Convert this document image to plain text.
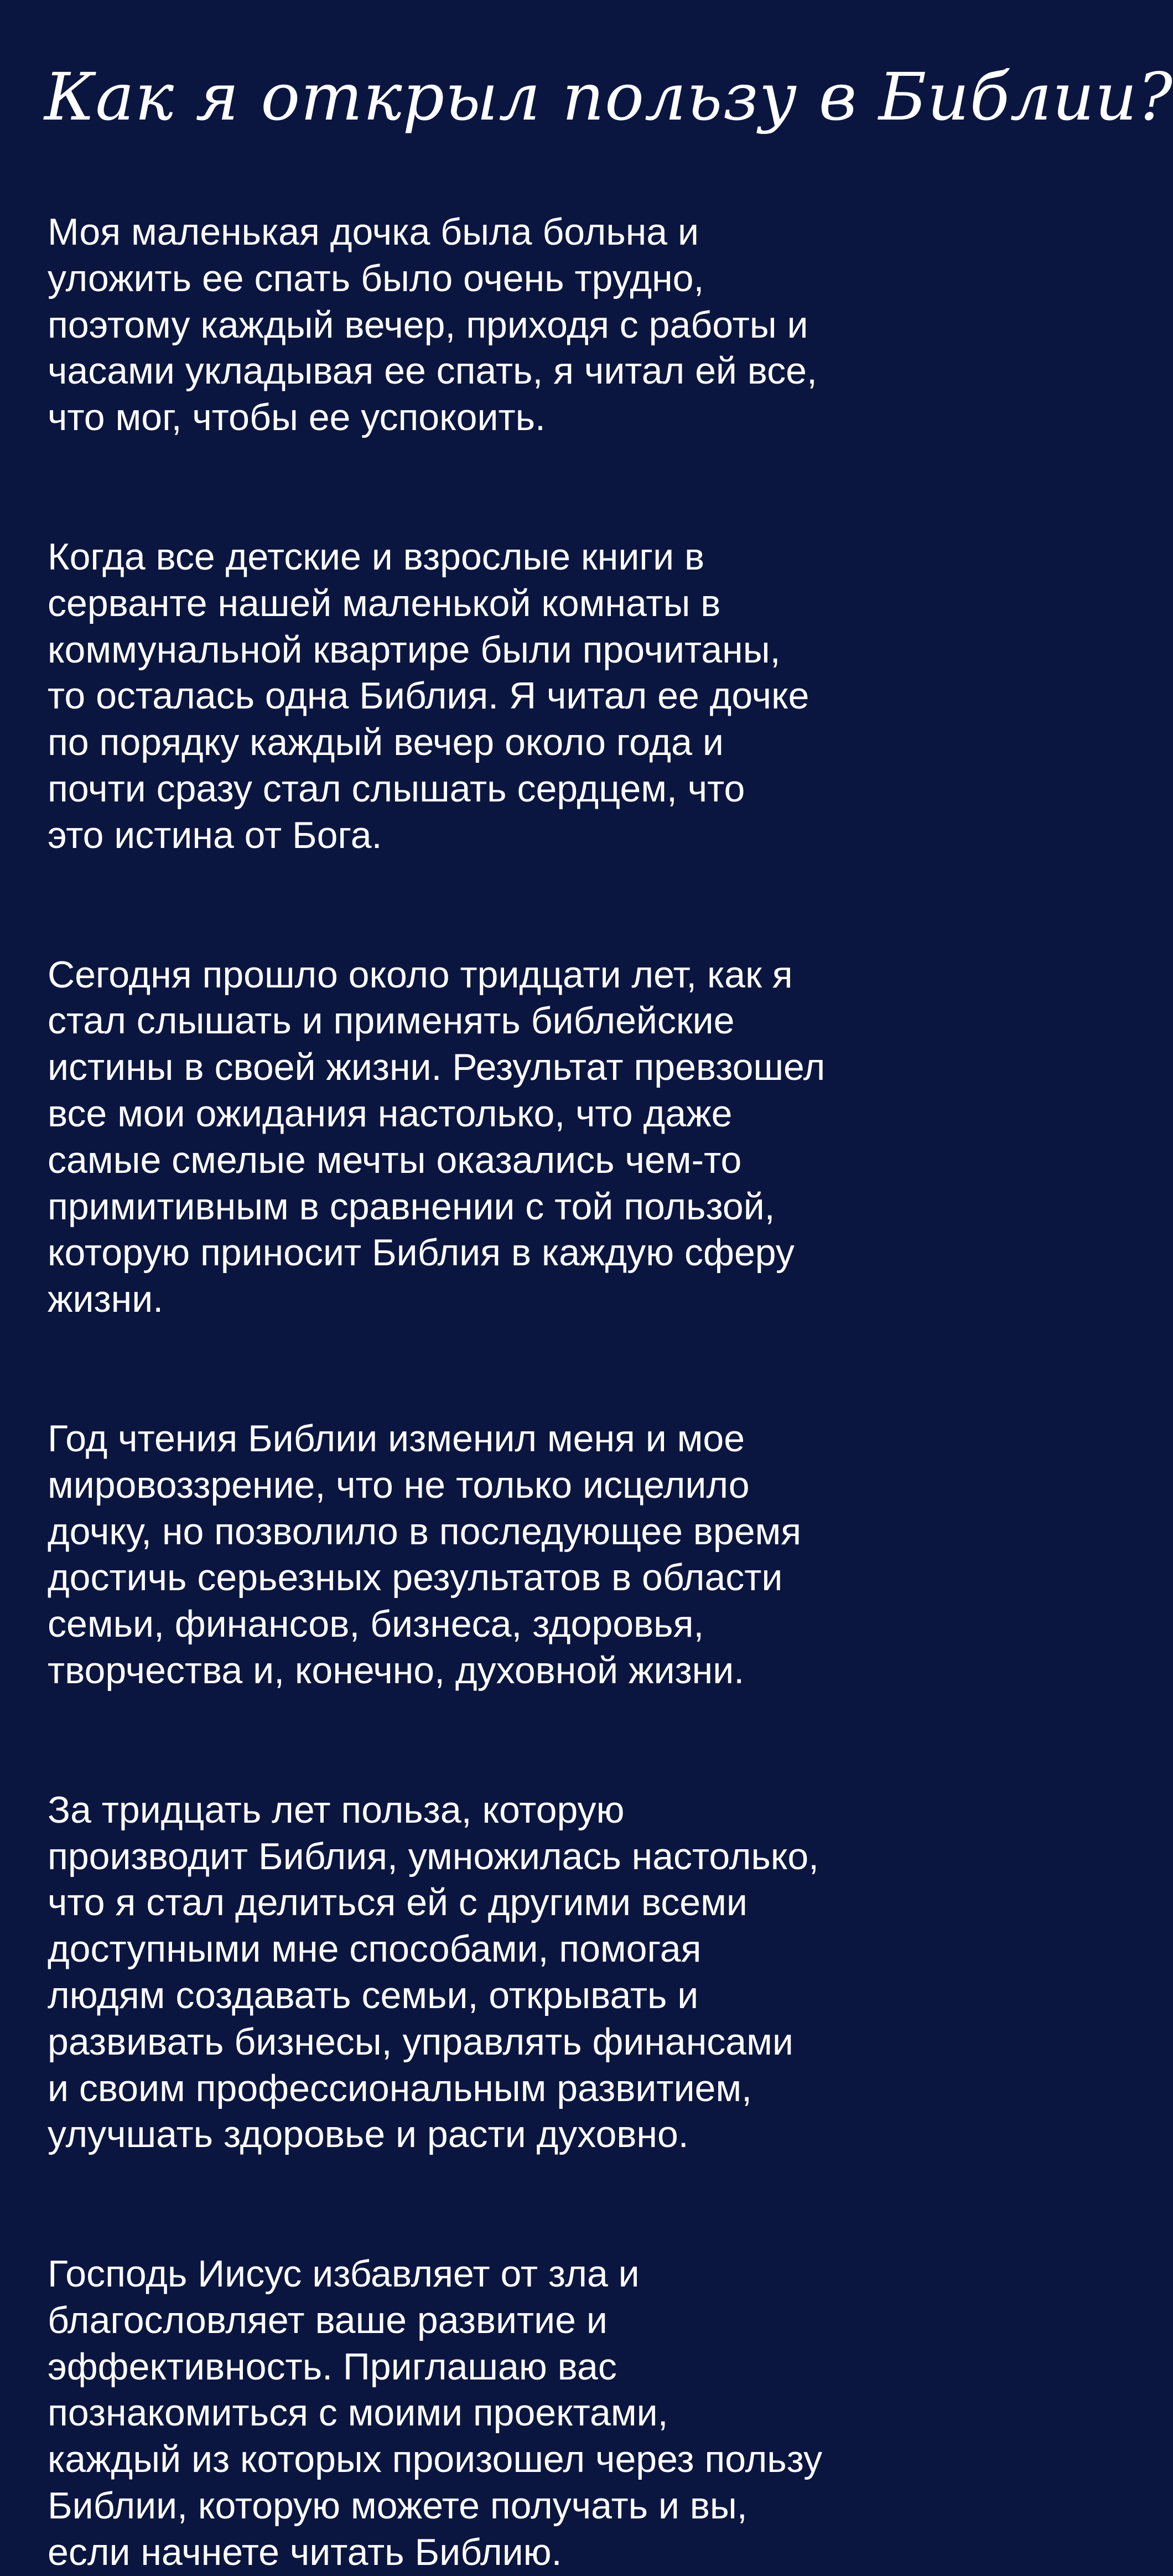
Как я открыл пользу в Библии?

Моя маленькая дочка была больна и
уложить ее спать было очень трудно,
поэтому каждый вечер, приходя с работы и
часами укладывая ее спать, я читал ей все,
что мог, чтобы ее успокоить.

Когда все детские и взрослые книги в
серванте нашей маленькой комнаты в
коммунальной квартире были прочитаны,
то осталась одна Библия. Я читал ее дочке
по порядку каждый вечер около года и
почти сразу стал слышать сердцем, что
это истина от Бога.

Сегодня прошло около тридцати лет, как я
стал слышать и применять библейские
истины в своей жизни. Результат превзошел
все мои ожидания настолько, что даже
самые смелые мечты оказались чем-то
примитивным в сравнении с той пользой,
которую приносит Библия в каждую сферу
жизни.

Год чтения Библии изменил меня и мое
мировоззрение, что не только исцелило
дочку, но позволило в последующее время
достичь серьезных результатов в области
семьи, финансов, бизнеса, здоровья,
творчества и, конечно, духовной жизни.

За тридцать лет польза, которую
производит Библия, умножилась настолько,
что я стал делиться ей с другими всеми
доступными мне способами, помогая
людям создавать семьи, открывать и
развивать бизнесы, управлять финансами
и своим профессиональным развитием,
улучшать здоровье и расти духовно.

Господь Иисус избавляет от зла и
благословляет ваше развитие и
эффективность. Приглашаю вас
познакомиться с моими проектами,
каждый из которых произошел через пользу
Библии, которую можете получать и вы,
если начнете читать Библию.
